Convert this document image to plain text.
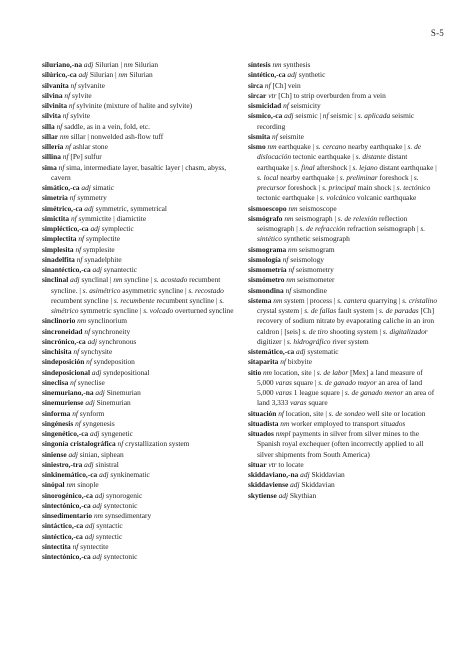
S-5

siluriano,-na adj Silurian | nm Silurian

silúrico,-ca adj Silurian | nm Silurian

silvanita nf sylvanite

silvina nf sylvite

silvinita nf sylvinite (mixture of halite and sylvite)

silvita nf sylvite

silla nf saddle, as in a vein, fold, etc.

sillar nm sillar | nonwelded ash-flow tuff

sillería nf ashlar stone

sillina nf [Pe] sulfur

sima nf sima, intermediate layer, basaltic layer | chasm, abyss, cavern

simático,-ca adj simatic

simetría nf symmetry

simétrico,-ca adj symmetric, symmetrical

simictita nf symmictite | diamictite

simpléctico,-ca adj symplectic

simplectita nf symplectite

simplesita nf symplesite

sinadelfita nf synadelphite

sinantéctico,-ca adj synantectic

sinclinal adj synclinal | nm syncline | s. acostado recumbent syncline. | s. asimétrico asymmetric syncline | s. recostado recumbent syncline | s. recumbente recumbent syncline | s. simétrico symmetric syncline | s. volcado overturned syncline

sinclinorio nm synclinorium

sincroneidad nf synchroneity

sincrónico,-ca adj synchronous

sinchisita nf synchysite

sindeposición nf syndeposition

sindeposicional adj syndepositional

sineclisa nf syneclise

sinemuriano,-na adj Sinemurian

sinemuriense adj Sinemurian

sinforma nf synform

singénesis nf syngenesis

singenético,-ca adj syngenetic

singonía cristalográfica nf crystallization system

siniense adj sinian, siphean

siniestro,-tra adj sinistral

sinkinemático,-ca adj synkinematic

sinópal nm sinople

sinorogénico,-ca adj synorogenic

sintectónico,-ca adj syntectonic

sinsedimentario nm synsedimentary

sintáctico,-ca adj syntactic

sintéctico,-ca adj syntectic

sintectita nf syntectite

sintectónico,-ca adj syntectonic

síntesis nm synthesis

sintético,-ca adj synthetic

sirca nf [Ch] vein

sircar vtr [Ch] to strip overburden from a vein

sismicidad nf seismicity

sísmico,-ca adj seismic | nf seismic | s. aplicada seismic recording

sismita nf seismite

sismo nm earthquake | s. cercano nearby earthquake | s. de dislocación tectonic earthquake | s. distante distant earthquake | s. final aftershock | s. lejano distant earthquake | s. local nearby earthquake | s. preliminar foreshock | s. precursor foreshock | s. principal main shock | s. tectónico tectonic earthquake | s. volcánico volcanic earthquake

sismoescopo nm seismoscope

sismógrafo nm seismograph | s. de relexión reflection seismograph | s. de refracción refraction seismograph | s. sintético synthetic seismograph

sismograma nm seismogram

sismología nf seismology

sismometría nf seismometry

sismómetro nm seismometer

sismondina nf sismondine

sistema nm system | process | s. cantera quarrying | s. cristalino crystal system | s. de fallas fault system | s. de paradas [Ch] recovery of sodium nitrate by evaporating caliche in an iron caldron | [seis] s. de tiro shooting system | s. digitalizador digitizer | s. hidrográfico river system

sistemático,-ca adj systematic

sitaparita nf bixbyite

sitio nm location, site | s. de labor [Mex] a land measure of 5,000 varas square | s. de ganado mayor an area of land 5,000 varas 1 league square | s. de ganado menor an area of land 3,333 varas square

situación nf location, site | s. de sondeo well site or location

situadista nm worker employed to transport situados

situados nmpl payments in silver from silver mines to the Spanish royal exchequer (often incorrectly applied to all silver shipments from South America)

situar vtr to locate

skiddaviano,-na adj Skiddavian

skiddaviense adj Skiddavian

skytiense adj Skythian
